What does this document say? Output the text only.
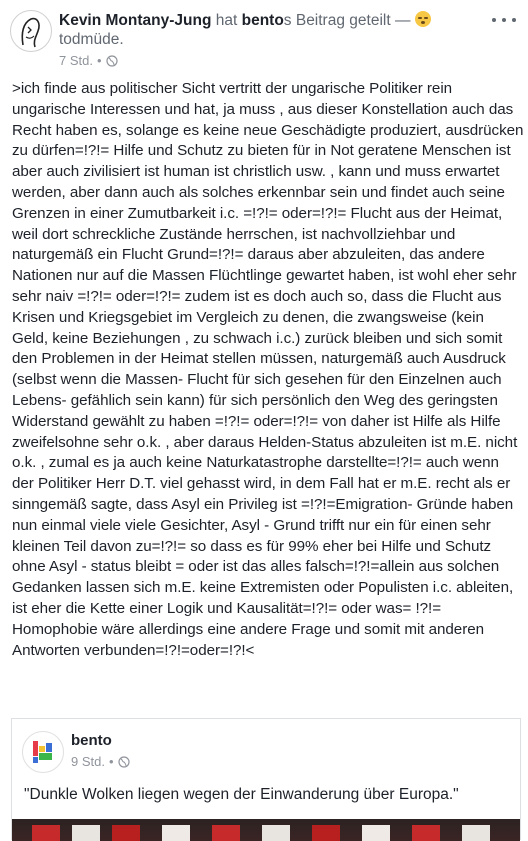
Kevin Montany-Jung hat bentos Beitrag geteilt —

todmüde.
7 Std. •
>ich finde aus politischer Sicht vertritt der ungarische Politiker rein ungarische Interessen und hat, ja muss , aus dieser Konstellation auch das Recht haben es, solange es keine neue Geschädigte produziert, ausdrücken zu dürfen=!?!= Hilfe und Schutz zu bieten für in Not geratene Menschen ist aber auch zivilisiert ist human ist christlich usw. , kann und muss erwartet werden, aber dann auch als solches erkennbar sein und findet auch seine Grenzen in einer Zumutbarkeit i.c. =!?!= oder=!?!= Flucht aus der Heimat, weil dort schreckliche Zustände herrschen, ist nachvollziehbar und naturgemäß ein Flucht Grund=!?!= daraus aber abzuleiten, das andere Nationen nur auf die Massen Flüchtlinge gewartet haben, ist wohl eher sehr sehr naiv =!?!= oder=!?!= zudem ist es doch auch so, dass die Flucht aus Krisen und Kriegsgebiet im Vergleich zu denen, die zwangsweise (kein Geld, keine Beziehungen , zu schwach i.c.) zurück bleiben und sich somit den Problemen in der Heimat stellen müssen, naturgemäß auch Ausdruck (selbst wenn die Massen- Flucht für sich gesehen für den Einzelnen auch Lebens- gefählich sein kann) für sich persönlich den Weg des geringsten Widerstand gewählt zu haben =!?!= oder=!?!= von daher ist Hilfe als Hilfe zweifelsohne sehr o.k. , aber daraus Helden-Status abzuleiten ist m.E. nicht o.k. , zumal es ja auch keine Naturkatastrophe darstellte=!?!= auch wenn der Politiker Herr D.T. viel gehasst wird, in dem Fall hat er m.E. recht als er sinngemäß sagte, dass Asyl ein Privileg ist =!?!=Emigration- Gründe haben nun einmal viele viele Gesichter, Asyl - Grund trifft nur ein für einen sehr kleinen Teil davon zu=!?!= so dass es für 99% eher bei Hilfe und Schutz ohne Asyl - status bleibt = oder ist das alles falsch=!?!=allein aus solchen Gedanken lassen sich m.E. keine Extremisten oder Populisten i.c. ableiten, ist eher die Kette einer Logik und Kausalität=!?!= oder was= !?!= Homophobie wäre allerdings eine andere Frage und somit mit anderen Antworten verbunden=!?!=oder=!?!<
bento
9 Std. •
"Dunkle Wolken liegen wegen der Einwanderung über Europa."
